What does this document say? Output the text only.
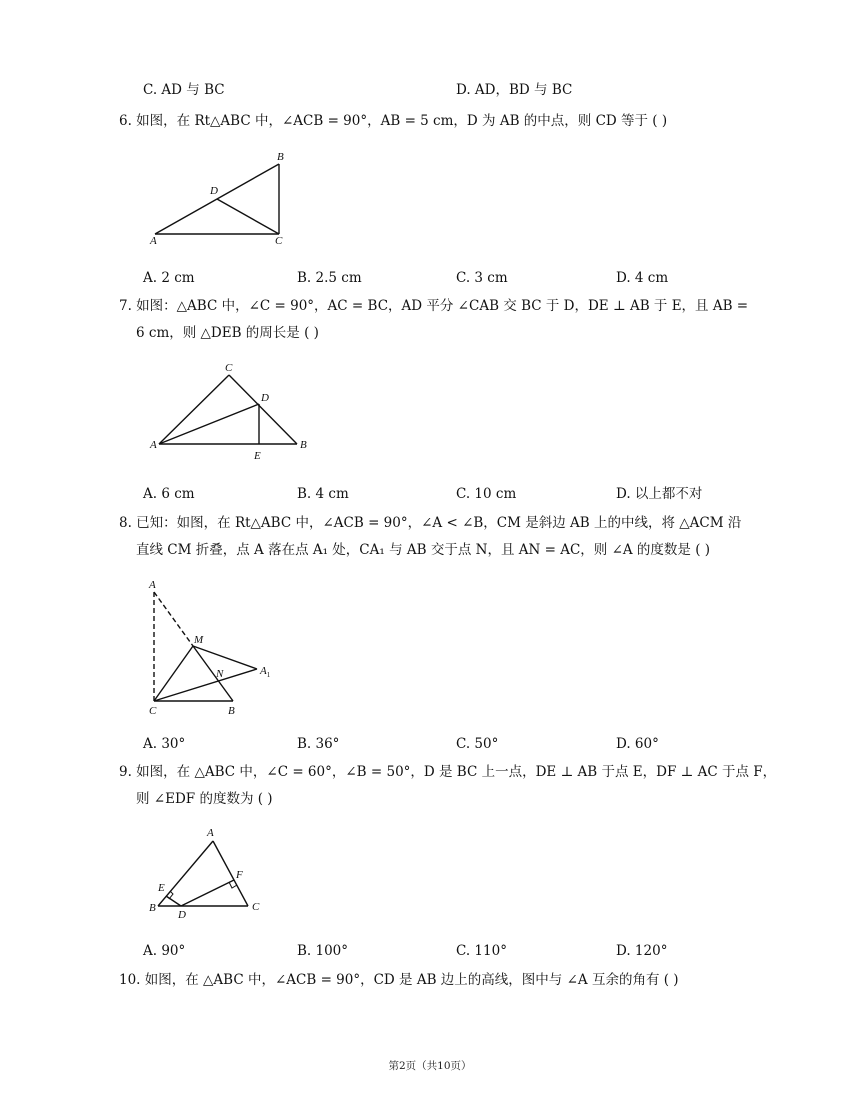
C. AD 与 BC	D. AD，BD 与 BC
6. 如图，在 Rt△ABC 中，∠ACB = 90°，AB = 5 cm，D 为 AB 的中点，则 CD 等于 ( )
B
D
A	C
A. 2 cm	B. 2.5 cm	C. 3 cm	D. 4 cm
7. 如图：△ABC 中，∠C = 90°，AC = BC，AD 平分 ∠CAB 交 BC 于 D，DE ⊥ AB 于 E，且 AB =
6 cm，则 △DEB 的周长是 ( )
C
D
A	B
E
A. 6 cm	B. 4 cm	C. 10 cm	D. 以上都不对
8. 已知：如图，在 Rt△ABC 中，∠ACB = 90°，∠A < ∠B，CM 是斜边 AB 上的中线，将 △ACM 沿
直线 CM 折叠，点 A 落在点 A₁ 处，CA₁ 与 AB 交于点 N，且 AN = AC，则 ∠A 的度数是 ( )
A
M
N	$A_1$
C	B
A. 30°	B. 36°	C. 50°	D. 60°
9. 如图，在 △ABC 中，∠C = 60°，∠B = 50°，D 是 BC 上一点，DE ⊥ AB 于点 E，DF ⊥ AC 于点 F，
则 ∠EDF 的度数为 ( )
A
F
E
B
D
C
A. 90°	B. 100°	C. 110°	D. 120°
10. 如图，在 △ABC 中，∠ACB = 90°，CD 是 AB 边上的高线，图中与 ∠A 互余的角有 ( )
第2页（共10页）
